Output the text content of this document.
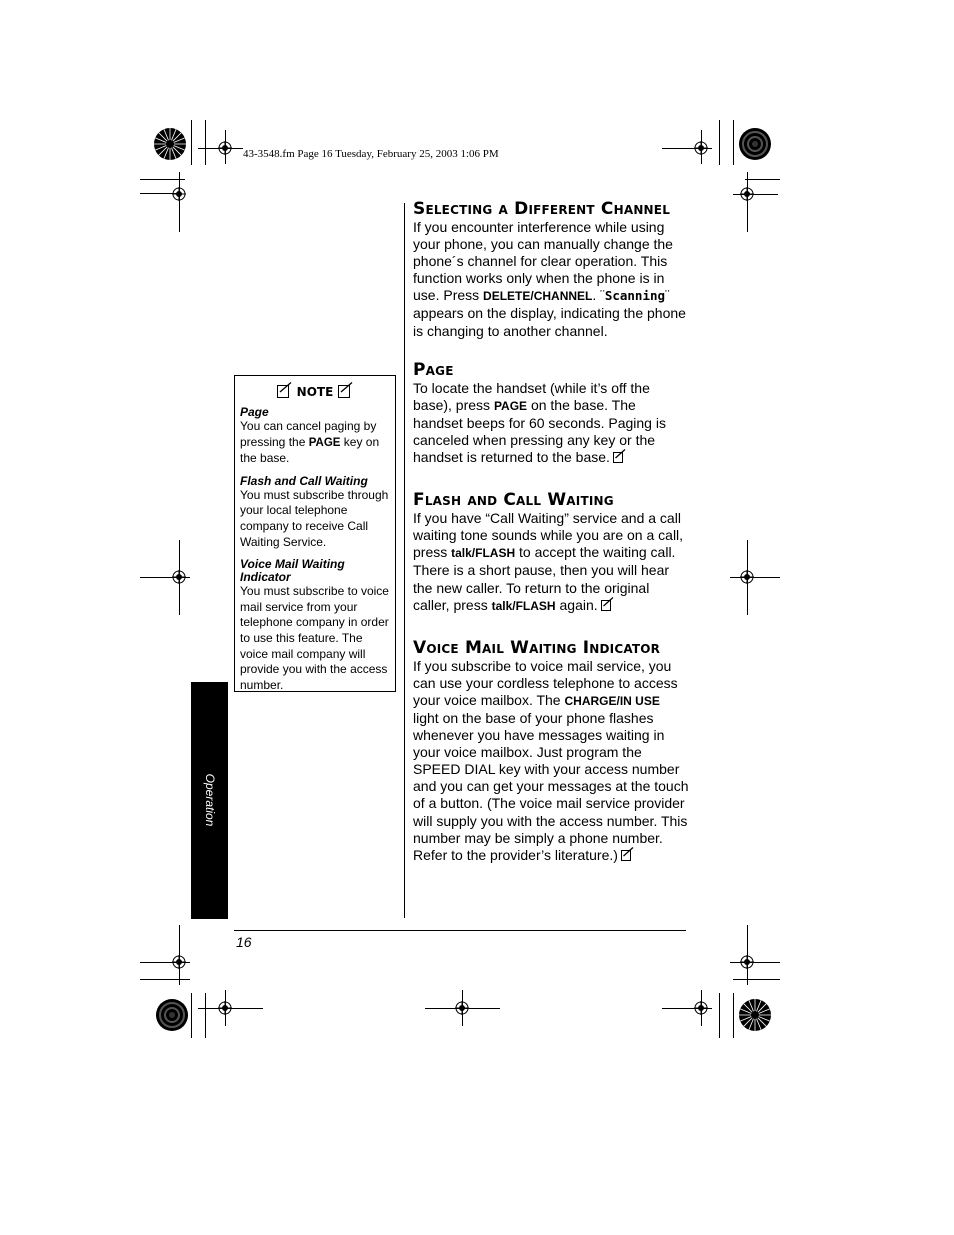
43-3548.fm Page 16 Tuesday, February 25, 2003 1:06 PM
Operation
NOTE
Page
You can cancel paging by pressing the PAGE key on the base.
Flash and Call Waiting
You must subscribe through your local telephone company to receive Call Waiting Service.
Voice Mail Waiting Indicator
You must subscribe to voice mail service from your telephone company in order to use this feature. The voice mail company will provide you with the access number.
Selecting a Different Channel

If you encounter interference while using your phone, you can manually change the phone´s channel for clear operation. This function works only when the phone is in use. Press DELETE/CHANNEL. ¨Scanning¨ appears on the display, indicating the phone is changing to another channel.

Page

To locate the handset (while it’s off the base), press PAGE on the base. The handset beeps for 60 seconds. Paging is canceled when pressing any key or the handset is returned to the base.

Flash and Call Waiting

If you have “Call Waiting” service and a call waiting tone sounds while you are on a call, press talk/FLASH to accept the waiting call. There is a short pause, then you will hear the new caller. To return to the original caller, press talk/FLASH again.

Voice Mail Waiting Indicator

If you subscribe to voice mail service, you can use your cordless telephone to access your voice mailbox. The CHARGE/IN USE light on the base of your phone flashes whenever you have messages waiting in your voice mailbox. Just program the SPEED DIAL key with your access number and you can get your messages at the touch of a button. (The voice mail service provider will supply you with the access number. This number may be simply a phone number. Refer to the provider’s literature.)

16
